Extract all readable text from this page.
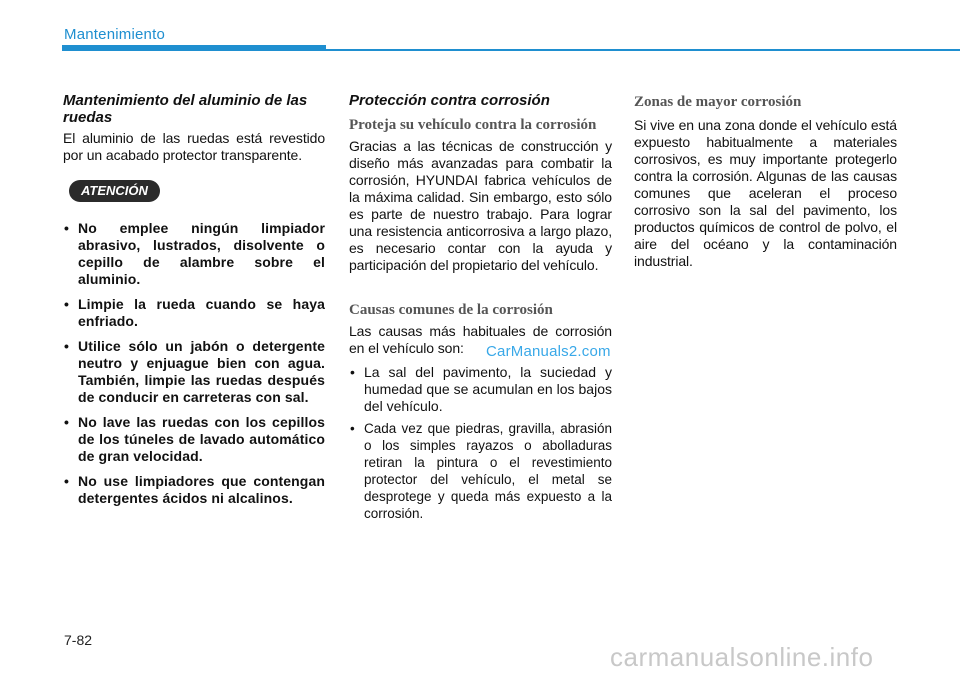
Mantenimiento
Mantenimiento del aluminio de las ruedas

El aluminio de las ruedas está revestido por un acabado protector transparente.

ATENCIÓN
• No emplee ningún limpiador abrasivo, lustrados, disolvente o cepillo de alambre sobre el aluminio.
• Limpie la rueda cuando se haya enfriado.
• Utilice sólo un jabón o detergente neutro y enjuague bien con agua. También, limpie las ruedas después de conducir en carreteras con sal.
• No lave las ruedas con los cepillos de los túneles de lavado automático de gran velocidad.
• No use limpiadores que contengan detergentes ácidos ni alcalinos.
Protección contra corrosión
Proteja su vehículo contra la corrosión

Gracias a las técnicas de construcción y diseño más avanzadas para combatir la corrosión, HYUNDAI fabrica vehículos de la máxima calidad. Sin embargo, esto sólo es parte de nuestro trabajo. Para lograr una resistencia anticorrosiva a largo plazo, es necesario contar con la ayuda y participación del propietario del vehículo.

Causas comunes de la corrosión

Las causas más habituales de corrosión en el vehículo son:

• La sal del pavimento, la suciedad y humedad que se acumulan en los bajos del vehículo.
• Cada vez que piedras, gravilla, abrasión o los simples rayazos o abolladuras retiran la pintura o el revestimiento protector del vehículo, el metal se desprotege y queda más expuesto a la corrosión.
Zonas de mayor corrosión

Si vive en una zona donde el vehículo está expuesto habitualmente a materiales corrosivos, es muy importante protegerlo contra la corrosión. Algunas de las causas comunes que aceleran el proceso corrosivo son la sal del pavimento, los productos químicos de control de polvo, el aire del océano y la contaminación industrial.

CarManuals2.com
7-82
carmanualsonline.info
